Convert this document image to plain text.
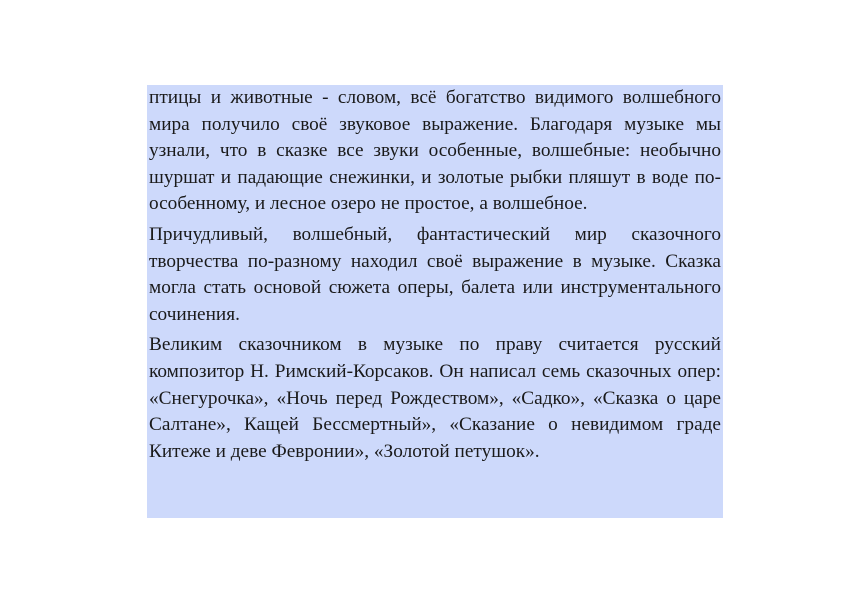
птицы и животные - словом, всё богатство видимого волшебного мира получило своё звуковое выражение. Благодаря музыке мы узнали, что в сказке все звуки особенные, волшебные: необычно шуршат и падающие снежинки, и золотые рыбки пляшут в воде по-особенному, и лесное озеро не простое, а волшебное.

Причудливый, волшебный, фантастический мир сказочного творчества по-разному находил своё выражение в музыке. Сказка могла стать основой сюжета оперы, балета или инструментального сочинения.

Великим сказочником в музыке по праву считается русский композитор Н. Римский-Корсаков. Он написал семь сказочных опер: «Снегурочка», «Ночь перед Рождеством», «Садко», «Сказка о царе Салтане», Кащей Бессмертный», «Сказание о невидимом граде Китеже и деве Февронии», «Золотой петушок».
